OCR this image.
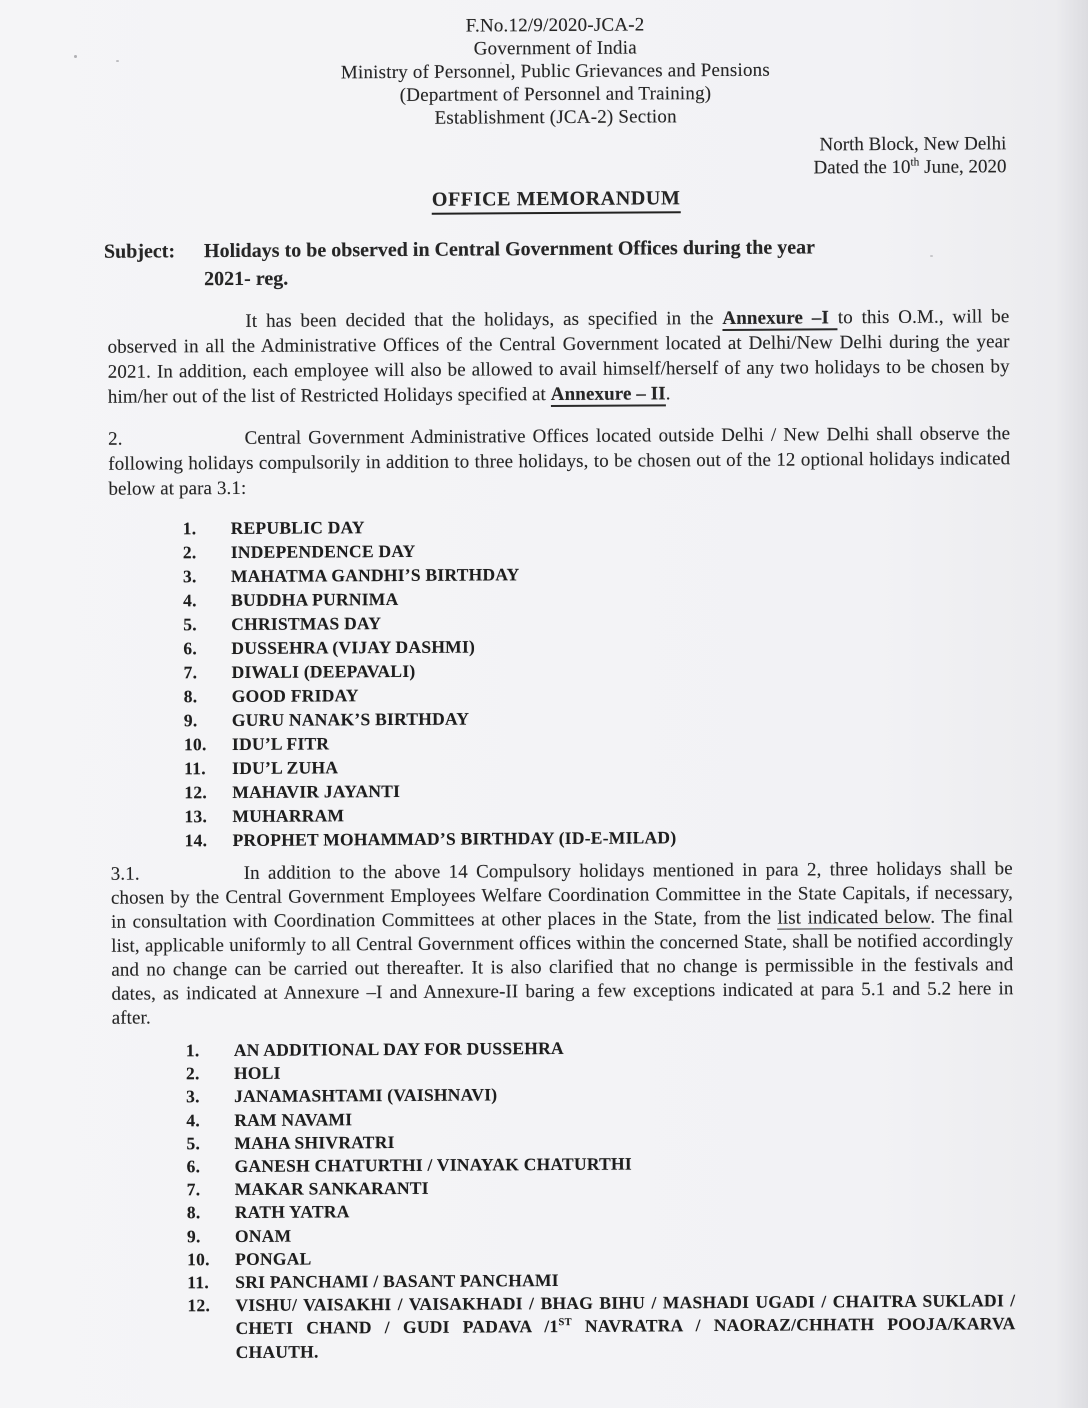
F.No.12/9/2020-JCA-2
Government of India
Ministry of Personnel, Public Grievances and Pensions
(Department of Personnel and Training)
Establishment (JCA-2) Section
North Block, New Delhi
Dated the 10th June, 2020
OFFICE MEMORANDUM
Subject:	Holidays to be observed in Central Government Offices during the year
2021- reg.

It has been decided that the holidays, as specified in the Annexure –I to this O.M., will be observed in all the Administrative Offices of the Central Government located at Delhi/New Delhi during the year 2021. In addition, each employee will also be allowed to avail himself/herself of any two holidays to be chosen by him/her out of the list of Restricted Holidays specified at Annexure – II.

2.	Central Government Administrative Offices located outside Delhi / New Delhi shall observe the following holidays compulsorily in addition to three holidays, to be chosen out of the 12 optional holidays indicated below at para 3.1:

1.	REPUBLIC DAY
2.	INDEPENDENCE DAY
3.	MAHATMA GANDHI’S BIRTHDAY
4.	BUDDHA PURNIMA
5.	CHRISTMAS DAY
6.	DUSSEHRA (VIJAY DASHMI)
7.	DIWALI (DEEPAVALI)
8.	GOOD FRIDAY
9.	GURU NANAK’S BIRTHDAY
10.	IDU’L FITR
11.	IDU’L ZUHA
12.	MAHAVIR JAYANTI
13.	MUHARRAM
14.	PROPHET MOHAMMAD’S BIRTHDAY (ID-E-MILAD)

3.1.	In addition to the above 14 Compulsory holidays mentioned in para 2, three holidays shall be chosen by the Central Government Employees Welfare Coordination Committee in the State Capitals, if necessary, in consultation with Coordination Committees at other places in the State, from the list indicated below. The final list, applicable uniformly to all Central Government offices within the concerned State, shall be notified accordingly and no change can be carried out thereafter. It is also clarified that no change is permissible in the festivals and dates, as indicated at Annexure –I and Annexure-II baring a few exceptions indicated at para 5.1 and 5.2 here in after.

1.	AN ADDITIONAL DAY FOR DUSSEHRA
2.	HOLI
3.	JANAMASHTAMI (VAISHNAVI)
4.	RAM NAVAMI
5.	MAHA SHIVRATRI
6.	GANESH CHATURTHI / VINAYAK CHATURTHI
7.	MAKAR SANKARANTI
8.	RATH YATRA
9.	ONAM
10.	PONGAL
11.	SRI PANCHAMI / BASANT PANCHAMI
12.	VISHU/ VAISAKHI / VAISAKHADI / BHAG BIHU / MASHADI UGADI / CHAITRA SUKLADI / CHETI CHAND / GUDI PADAVA /1ST NAVRATRA / NAORAZ/CHHATH POOJA/KARVA CHAUTH.
